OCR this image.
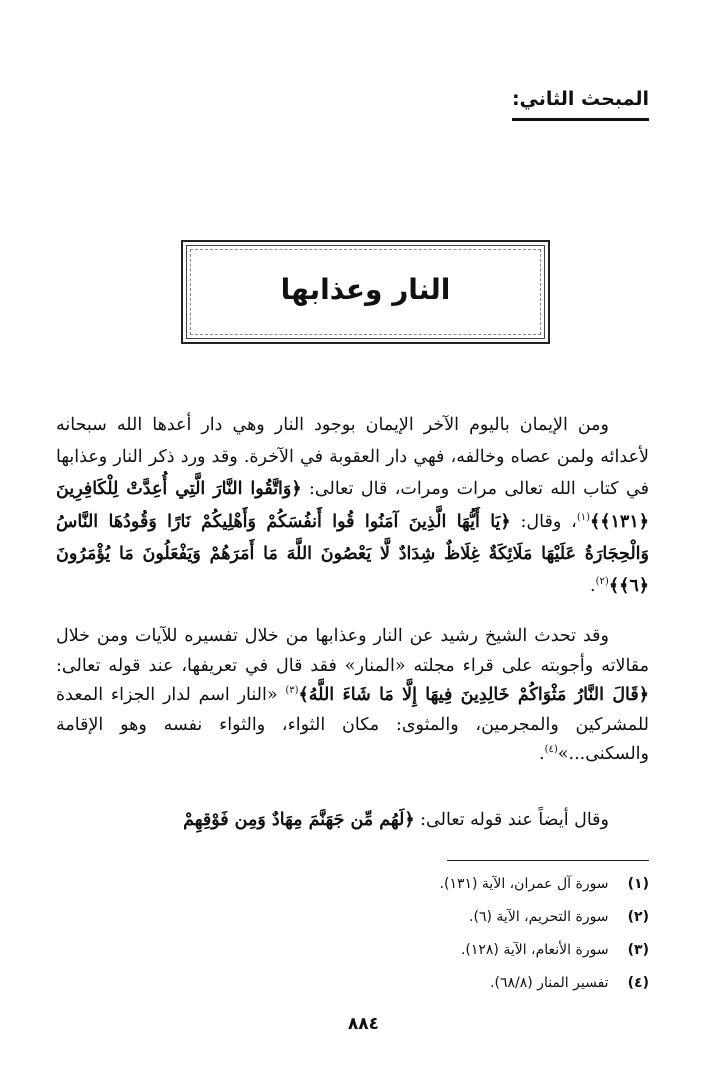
المبحث الثاني:
النار وعذابها

ومن الإيمان باليوم الآخر الإيمان بوجود النار وهي دار أعدها الله سبحانه لأعدائه ولمن عصاه وخالفه، فهي دار العقوبة في الآخرة. وقد ورد ذكر النار وعذابها في كتاب الله تعالى مرات ومرات، قال تعالى: ﴿وَاتَّقُوا النَّارَ الَّتِي أُعِدَّتْ لِلْكَافِرِينَ ﴿١٣١﴾﴾$^{(١)}$، وقال: ﴿يَا أَيُّهَا الَّذِينَ آمَنُوا قُوا أَنفُسَكُمْ وَأَهْلِيكُمْ نَارًا وَقُودُهَا النَّاسُ وَالْحِجَارَةُ عَلَيْهَا مَلَائِكَةٌ غِلَاظٌ شِدَادٌ لَّا يَعْصُونَ اللَّهَ مَا أَمَرَهُمْ وَيَفْعَلُونَ مَا يُؤْمَرُونَ ﴿٦﴾﴾$^{(٢)}$.

وقد تحدث الشيخ رشيد عن النار وعذابها من خلال تفسيره للآيات ومن خلال مقالاته وأجوبته على قراء مجلته «المنار» فقد قال في تعريفها، عند قوله تعالى: ﴿قَالَ النَّارُ مَثْوَاكُمْ خَالِدِينَ فِيهَا إِلَّا مَا شَاءَ اللَّهُ﴾$^{(٣)}$ «النار اسم لدار الجزاء المعدة للمشركين والمجرمين، والمثوى: مكان الثواء، والثواء نفسه وهو الإقامة والسكنى...»$^{(٤)}$.

وقال أيضاً عند قوله تعالى: ﴿لَهُم مِّن جَهَنَّمَ مِهَادٌ وَمِن فَوْقِهِمْ

(١) سورة آل عمران، الآية (١٣١).
(٢) سورة التحريم، الآية (٦).
(٣) سورة الأنعام، الآية (١٢٨).
(٤) تفسير المنار (٦٨/٨).
٨٨٤
